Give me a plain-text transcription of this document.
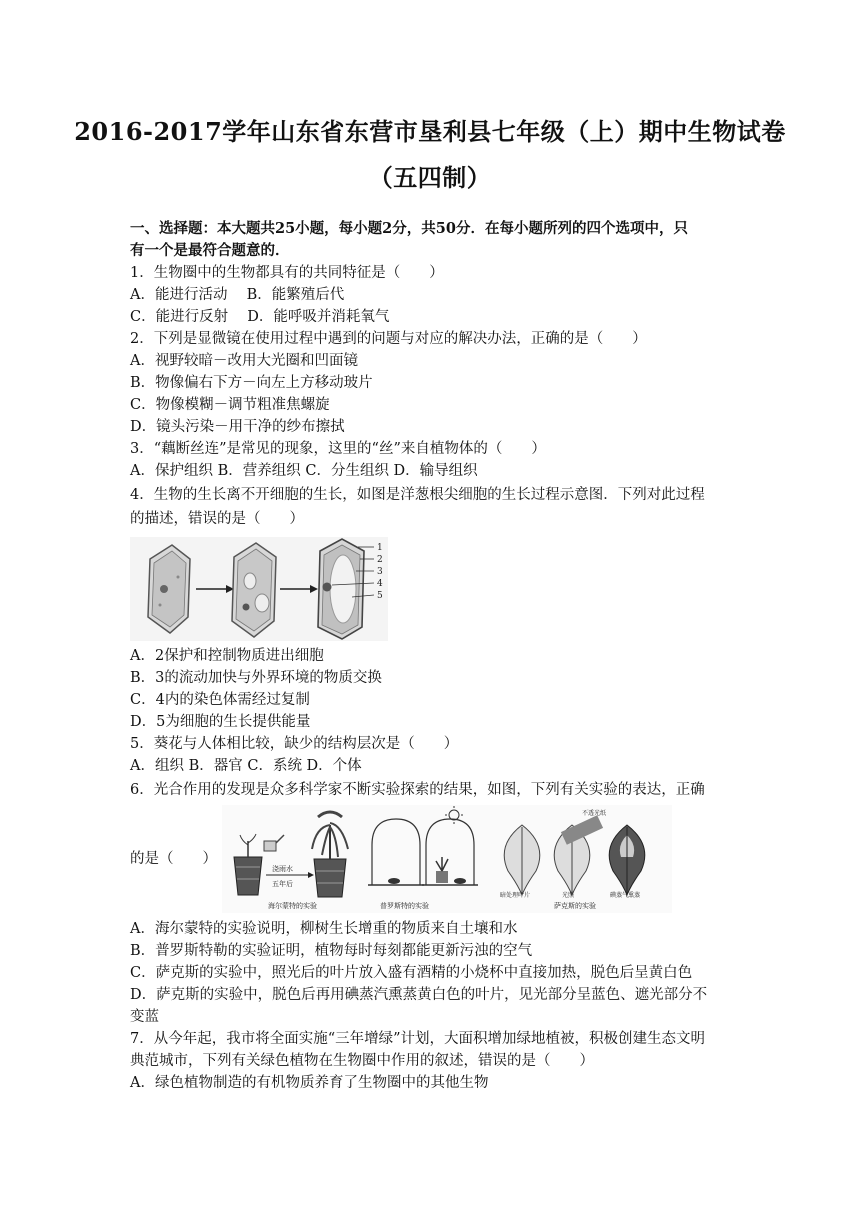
2016-2017学年山东省东营市垦利县七年级（上）期中生物试卷
（五四制）
一、选择题：本大题共25小题，每小题2分，共50分．在每小题所列的四个选项中，只
有一个是最符合题意的．
1．生物圈中的生物都具有的共同特征是（　　）
A．能进行活动　 B．能繁殖后代
C．能进行反射　 D．能呼吸并消耗氧气
2．下列是显微镜在使用过程中遇到的问题与对应的解决办法，正确的是（　　）
A．视野较暗－改用大光圈和凹面镜
B．物像偏右下方－向左上方移动玻片
C．物像模糊－调节粗准焦螺旋
D．镜头污染－用干净的纱布擦拭
3．“藕断丝连”是常见的现象，这里的“丝”来自植物体的（　　）
A．保护组织 B．营养组织 C．分生组织 D．输导组织
4．生物的生长离不开细胞的生长，如图是洋葱根尖细胞的生长过程示意图．下列对此过程
的描述，错误的是（　　）
1
2
3
4
5
A．2保护和控制物质进出细胞
B．3的流动加快与外界环境的物质交换
C．4内的染色体需经过复制
D．5为细胞的生长提供能量
5．葵花与人体相比较，缺少的结构层次是（　　）
A．组织 B．器官 C．系统 D．个体
6．光合作用的发现是众多科学家不断实验探索的结果，如图，下列有关实验的表达，正确
的是（　　）
浇雨水
五年后
海尔蒙特的实验	普罗斯特的实验
不透光纸
暗处理叶片	光照	碘蒸气熏蒸
萨克斯的实验
A．海尔蒙特的实验说明，柳树生长增重的物质来自土壤和水
B．普罗斯特勒的实验证明，植物每时每刻都能更新污浊的空气
C．萨克斯的实验中，照光后的叶片放入盛有酒精的小烧杯中直接加热，脱色后呈黄白色
D．萨克斯的实验中，脱色后再用碘蒸汽熏蒸黄白色的叶片，见光部分呈蓝色、遮光部分不
变蓝
7．从今年起，我市将全面实施“三年增绿”计划，大面积增加绿地植被，积极创建生态文明
典范城市，下列有关绿色植物在生物圈中作用的叙述，错误的是（　　）
A．绿色植物制造的有机物质养育了生物圈中的其他生物
